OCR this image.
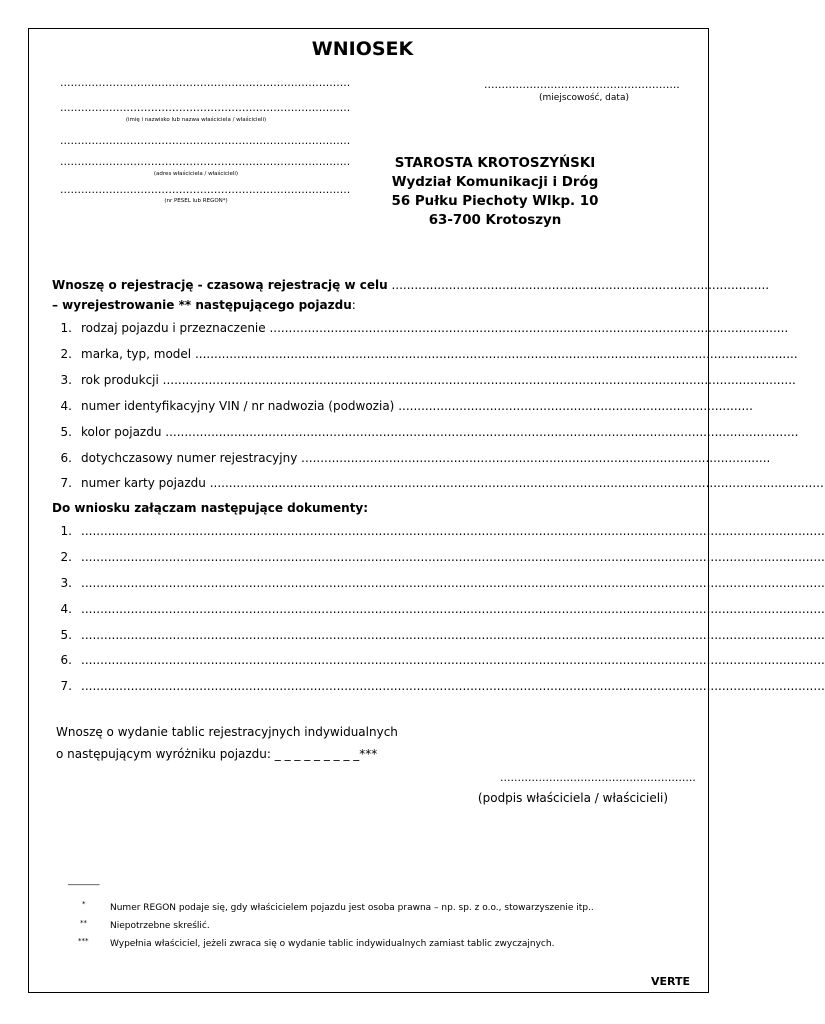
WNIOSEK
...................................................................................
...................................................................................
(imię i nazwisko lub nazwa właściciela / właścicieli)
...................................................................................
...................................................................................
(adres właściciela / właścicieli)
...................................................................................
(nr PESEL lub REGON*)
........................................................
(miejscowość, data)
STAROSTA KROTOSZYŃSKI
Wydział Komunikacji i Dróg
56 Pułku Piechoty Wlkp. 10
63-700 Krotoszyn
Wnoszę o rejestrację - czasową rejestrację w celu ...................................................................................................
– wyrejestrowanie ** następującego pojazdu:
1. rodzaj pojazdu i przeznaczenie ........................................................................................................................................
2. marka, typ, model ..............................................................................................................................................................
3. rok produkcji ......................................................................................................................................................................
4. numer identyfikacyjny VIN / nr nadwozia (podwozia) .............................................................................................
5. kolor pojazdu ......................................................................................................................................................................
6. dotychczasowy numer rejestracyjny ...........................................................................................................................
7. numer karty pojazdu .................................................................................................................................................................
Do wniosku załączam następujące dokumenty:
1. ...................................................................................................................................................................................................
2. ...................................................................................................................................................................................................
3. ...................................................................................................................................................................................................
4. ...................................................................................................................................................................................................
5. ...................................................................................................................................................................................................
6. ...................................................................................................................................................................................................
7. ...................................................................................................................................................................................................
Wnoszę o wydanie tablic rejestracyjnych indywidualnych
o następującym wyróżniku pojazdu: _ _ _ _ _ _ _ _ _***
........................................................
(podpis właściciela / właścicieli)
_______
*	Numer REGON podaje się, gdy właścicielem pojazdu jest osoba prawna – np. sp. z o.o., stowarzyszenie itp..
**	Niepotrzebne skreślić.
*** Wypełnia właściciel, jeżeli zwraca się o wydanie tablic indywidualnych zamiast tablic zwyczajnych.
VERTE
